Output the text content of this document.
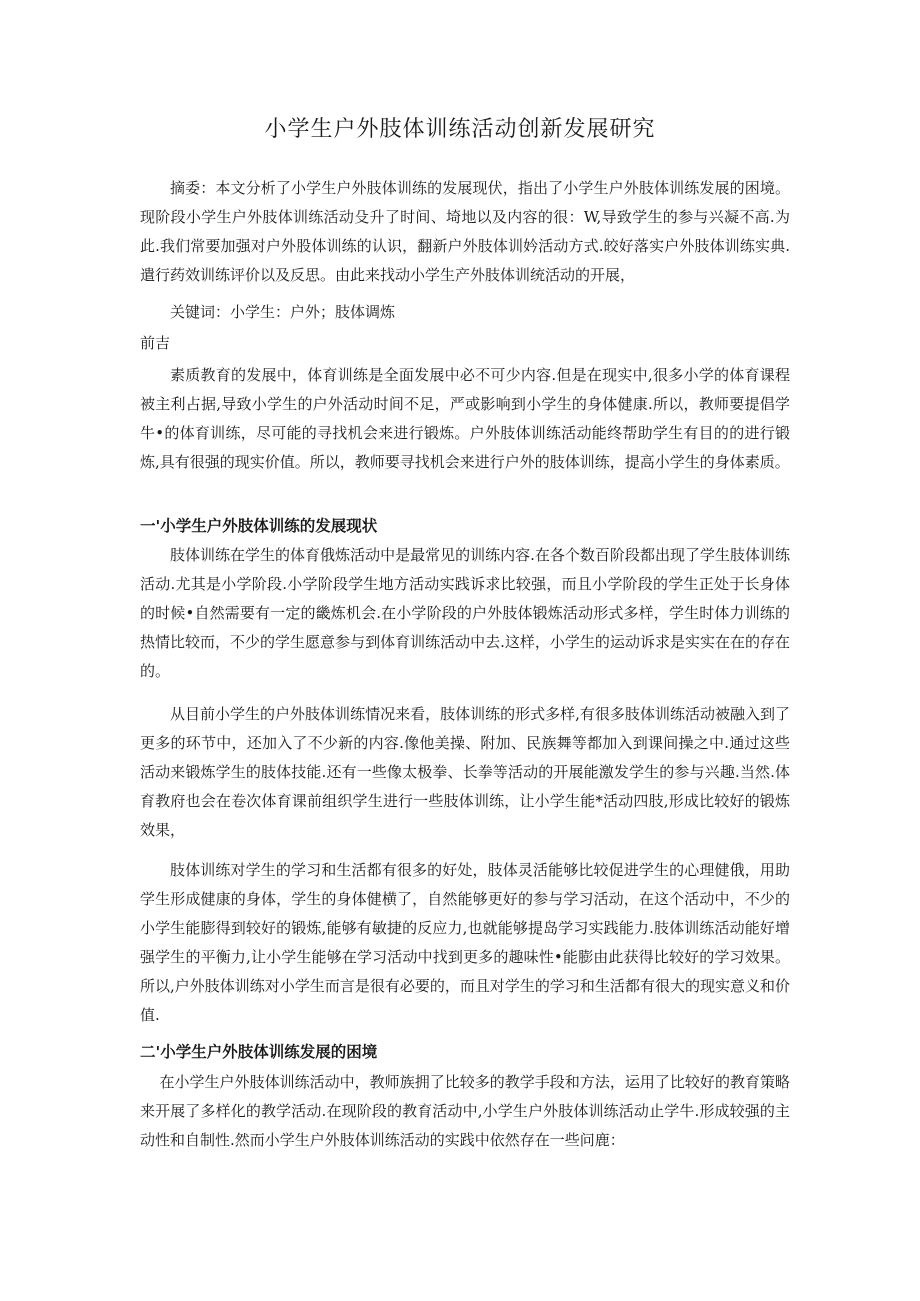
小学生户外肢体训练活动创新发展研究

摘委：本文分析了小学生户外肢体训练的发展现伏，指出了小学生户外肢体训练发展的困境。现阶段小学生户外肢体训练活动殳升了时间、埼地以及内容的很：W,导致学生的参与兴凝不高.为此.我们常要加强对户外股体训练的认识，翻新户外肢体训妗活动方式.皎好落实户外肢体训练实典.遣行药效训练评价以及反思。由此来找动小学生产外肢体训统活动的开展，

关键词：小学生：户外；肢体调炼

前吉

素质教育的发展中，体育训练是全面发展中必不可少内容.但是在现实中,很多小学的体育课程被主利占据,导致小学生的户外活动时间不足，严或影响到小学生的身体健康.所以，教师要提倡学牛•的体育训练，尽可能的寻找机会来进行锻炼。户外肢体训练活动能终帮助学生有目的的进行锻炼,具有很强的现实价值。所以，教师要寻找机会来进行户外的肢体训练，提高小学生的身体素质。

一'小学生户外肢体训练的发展现状

肢体训练在学生的体育俄炼活动中是最常见的训练内容.在各个数百阶段都出现了学生肢体训练活动.尤其是小学阶段.小学阶段学生地方活动实践诉求比较强，而且小学阶段的学生正处于长身体的时候•自然需要有一定的畿炼机会.在小学阶段的户外肢体锻炼活动形式多样，学生时体力训练的热情比较而，不少的学生愿意参与到体育训练活动中去.这样，小学生的运动诉求是实实在在的存在的。

从目前小学生的户外肢体训练情况来看，肢体训练的形式多样,有很多肢体训练活动被融入到了更多的环节中，还加入了不少新的内容.像他美操、附加、民族舞等都加入到课间操之中.通过这些活动来锻炼学生的肢体技能.还有一些像太极拳、长拳等活动的开展能激发学生的参与兴趣.当然.体育教府也会在卷次体育课前组织学生进行一些肢体训练，让小学生能*活动四肢,形成比较好的锻炼效果，

肢体训练对学生的学习和生活都有很多的好处，肢体灵活能够比较促进学生的心理健俄，用助学生形成健康的身体，学生的身体健横了，自然能够更好的参与学习活动，在这个活动中，不少的小学生能膨得到较好的锻炼,能够有敏捷的反应力,也就能够提岛学习实践能力.肢体训练活动能好增强学生的平衡力,让小学生能够在学习活动中找到更多的趣味性•能膨由此获得比较好的学习效果。所以,户外肢体训练对小学生而言是很有必要的，而且对学生的学习和生活都有很大的现实意义和价值.

二'小学生户外肢体训练发展的困境

在小学生户外肢体训练活动中，教师族拥了比较多的教学手段和方法，运用了比较好的教育策略来开展了多样化的教学活动.在现阶段的教育活动中,小学生户外肢体训练活动止学牛.形成较强的主动性和自制性.然而小学生户外肢体训练活动的实践中依然存在一些问鹿：
